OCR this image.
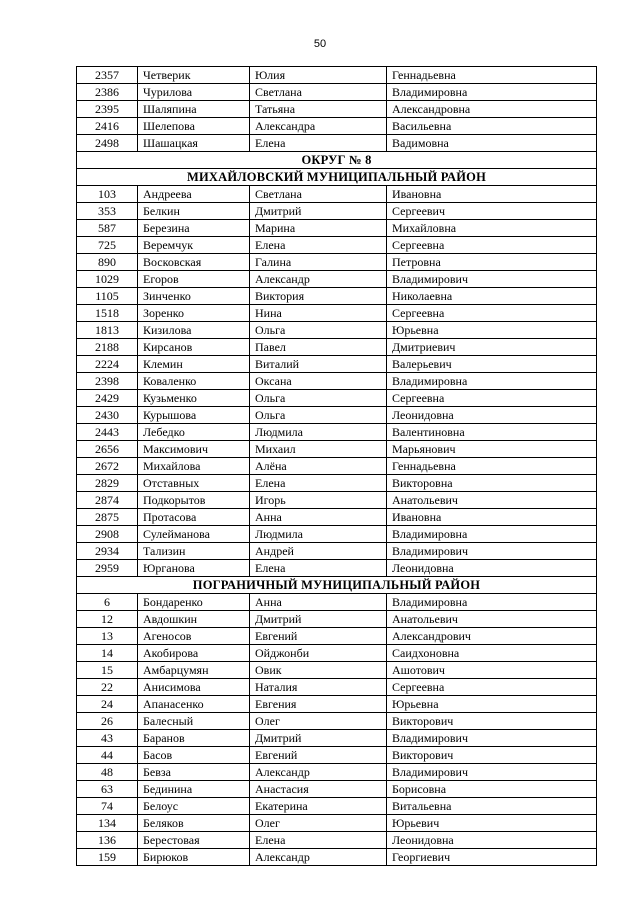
50
2357	Четверик	Юлия	Геннадьевна
2386	Чурилова	Светлана	Владимировна
2395	Шаляпина	Татьяна	Александровна
2416	Шелепова	Александра	Васильевна
2498	Шашацкая	Елена	Вадимовна
ОКРУГ № 8			
МИХАЙЛОВСКИЙ МУНИЦИПАЛЬНЫЙ РАЙОН			
103	Андреева	Светлана	Ивановна
353	Белкин	Дмитрий	Сергеевич
587	Березина	Марина	Михайловна
725	Веремчук	Елена	Сергеевна
890	Восковская	Галина	Петровна
1029	Егоров	Александр	Владимирович
1105	Зинченко	Виктория	Николаевна
1518	Зоренко	Нина	Сергеевна
1813	Кизилова	Ольга	Юрьевна
2188	Кирсанов	Павел	Дмитриевич
2224	Клемин	Виталий	Валерьевич
2398	Коваленко	Оксана	Владимировна
2429	Кузьменко	Ольга	Сергеевна
2430	Курышова	Ольга	Леонидовна
2443	Лебедко	Людмила	Валентиновна
2656	Максимович	Михаил	Марьянович
2672	Михайлова	Алёна	Геннадьевна
2829	Отставных	Елена	Викторовна
2874	Подкорытов	Игорь	Анатольевич
2875	Протасова	Анна	Ивановна
2908	Сулейманова	Людмила	Владимировна
2934	Тализин	Андрей	Владимирович
2959	Юрганова	Елена	Леонидовна
ПОГРАНИЧНЫЙ МУНИЦИПАЛЬНЫЙ РАЙОН			
6	Бондаренко	Анна	Владимировна
12	Авдошкин	Дмитрий	Анатольевич
13	Агеносов	Евгений	Александрович
14	Акобирова	Ойджонби	Саидхоновна
15	Амбарцумян	Овик	Ашотович
22	Анисимова	Наталия	Сергеевна
24	Апанасенко	Евгения	Юрьевна
26	Балесный	Олег	Викторович
43	Баранов	Дмитрий	Владимирович
44	Басов	Евгений	Викторович
48	Бевза	Александр	Владимирович
63	Бединина	Анастасия	Борисовна
74	Белоус	Екатерина	Витальевна
134	Беляков	Олег	Юрьевич
136	Берестовая	Елена	Леонидовна
159	Бирюков	Александр	Георгиевич
